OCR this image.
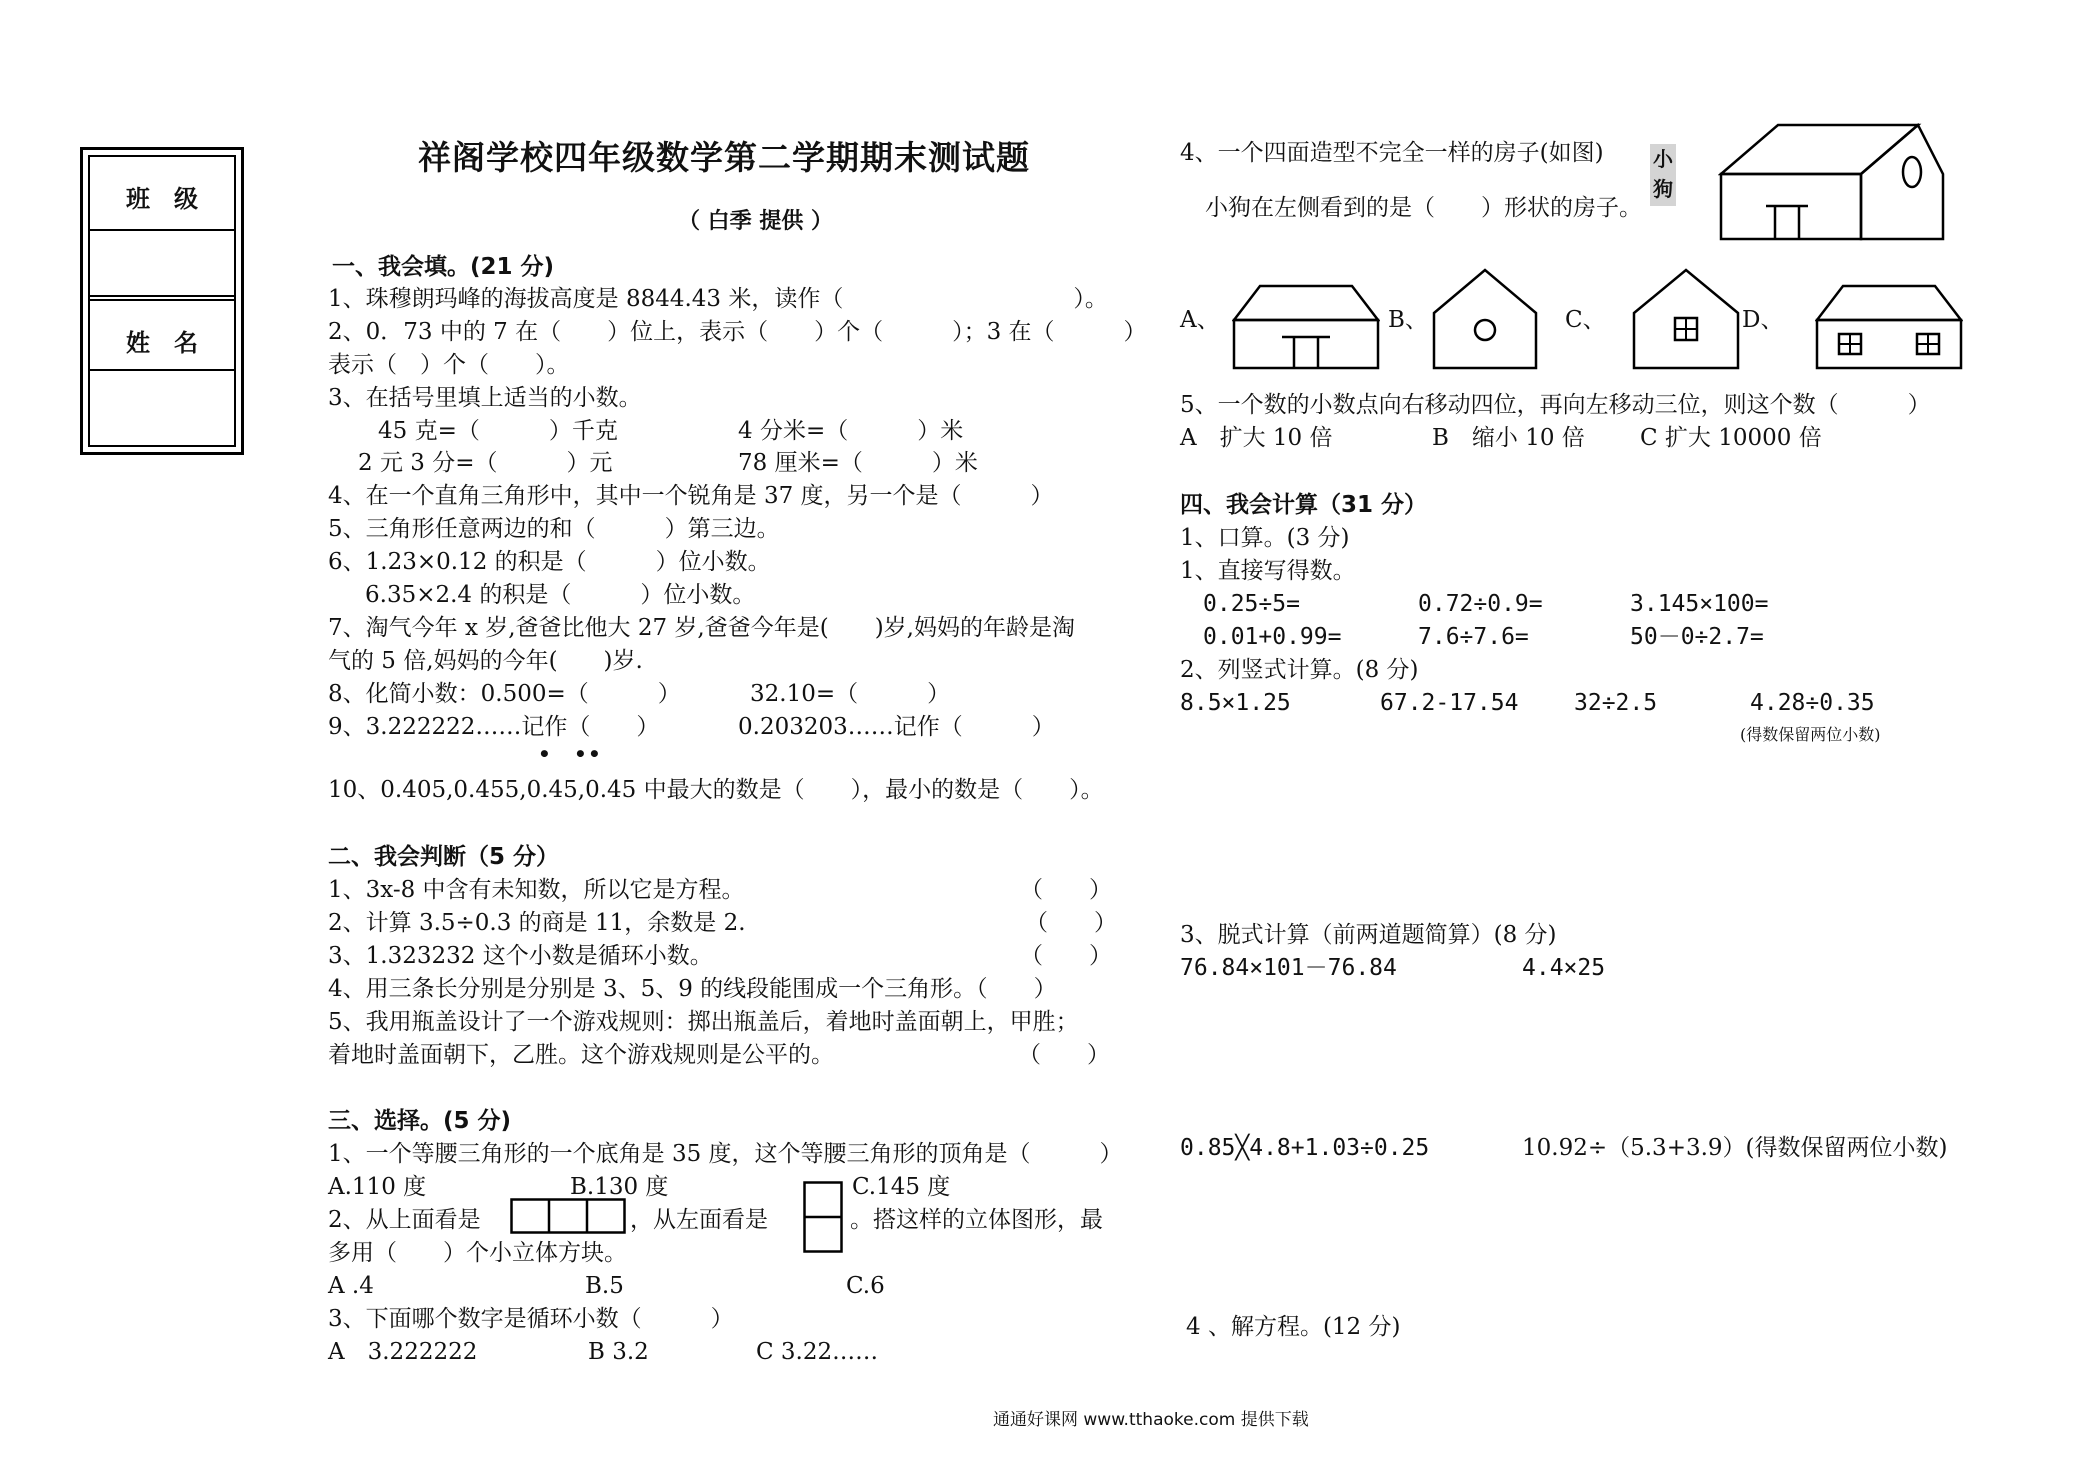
班　级
姓　名
祥阁学校四年级数学第二学期期末测试题
（ 白季 提供 ）
一、我会填。(21 分)
1、珠穆朗玛峰的海拔高度是 8844.43 米，读作（　　　　　　　　　　）。
2、0．73 中的 7 在（　　）位上，表示（　　）个（　　　）；3 在（　　　）
表示（　）个（　　）。
3、在括号里填上适当的小数。
45 克=（　　　）千克	4 分米=（　　　）米
2 元 3 分=（　　　）元	78 厘米=（　　　）米
4、在一个直角三角形中，其中一个锐角是 37 度，另一个是（　　　）
5、三角形任意两边的和（　　　）第三边。
6、1.23×0.12 的积是（　　　）位小数。
6.35×2.4 的积是（　　　）位小数。
7、淘气今年 x 岁,爸爸比他大 27 岁,爸爸今年是(　　)岁,妈妈的年龄是淘
气的 5 倍,妈妈的今年(　　)岁.
8、化简小数：0.500=（　　　）	32.10=（　　　）
9、3.222222……记作（　　）	0.203203……记作（　　　）
• • •
10、0.405,0.455,0.45,0.45 中最大的数是（　　），最小的数是（　　）。
二、我会判断（5 分）
1、3x-8 中含有未知数，所以它是方程。	（　　）
2、计算 3.5÷0.3 的商是 11，余数是 2.	（　　）
3、1.323232 这个小数是循环小数。	（　　）
4、用三条长分别是分别是 3、5、9 的线段能围成一个三角形。（　　）
5、我用瓶盖设计了一个游戏规则：掷出瓶盖后，着地时盖面朝上，甲胜；
着地时盖面朝下，乙胜。这个游戏规则是公平的。	（　　）
三、选择。(5 分)
1、一个等腰三角形的一个底角是 35 度，这个等腰三角形的顶角是（　　　）
A.110 度	B.130 度	C.145 度
2、从上面看是	，从左面看是	。搭这样的立体图形，最
多用（　　）个小立体方块。
A .4	B.5	C.6
3、下面哪个数字是循环小数（　　　）
A　3.222222	B 3.2	C 3.22……
4、一个四面造型不完全一样的房子(如图) 小
狗
小狗在左侧看到的是（　　）形状的房子。
A、	B、	C、	D、
5、一个数的小数点向右移动四位，再向左移动三位，则这个数（　　　）
A　扩大 10 倍	B　缩小 10 倍 C 扩大 10000 倍
四、我会计算（31 分）
1、口算。(3 分)
1、直接写得数。
0.25÷5=	0.72÷0.9=	3.145×100=
0.01+0.99=	7.6÷7.6=	50－0÷2.7=
2、列竖式计算。(8 分)
8.5×1.25	67.2-17.54 32÷2.5	4.28÷0.35
(得数保留两位小数)
3、脱式计算（前两道题简算）(8 分)
76.84×101－76.84	4.4×25
0.85╳4.8+1.03÷0.25	10.92÷（5.3+3.9）(得数保留两位小数)
4 、解方程。(12 分)
通通好课网 www.tthaoke.com 提供下载
